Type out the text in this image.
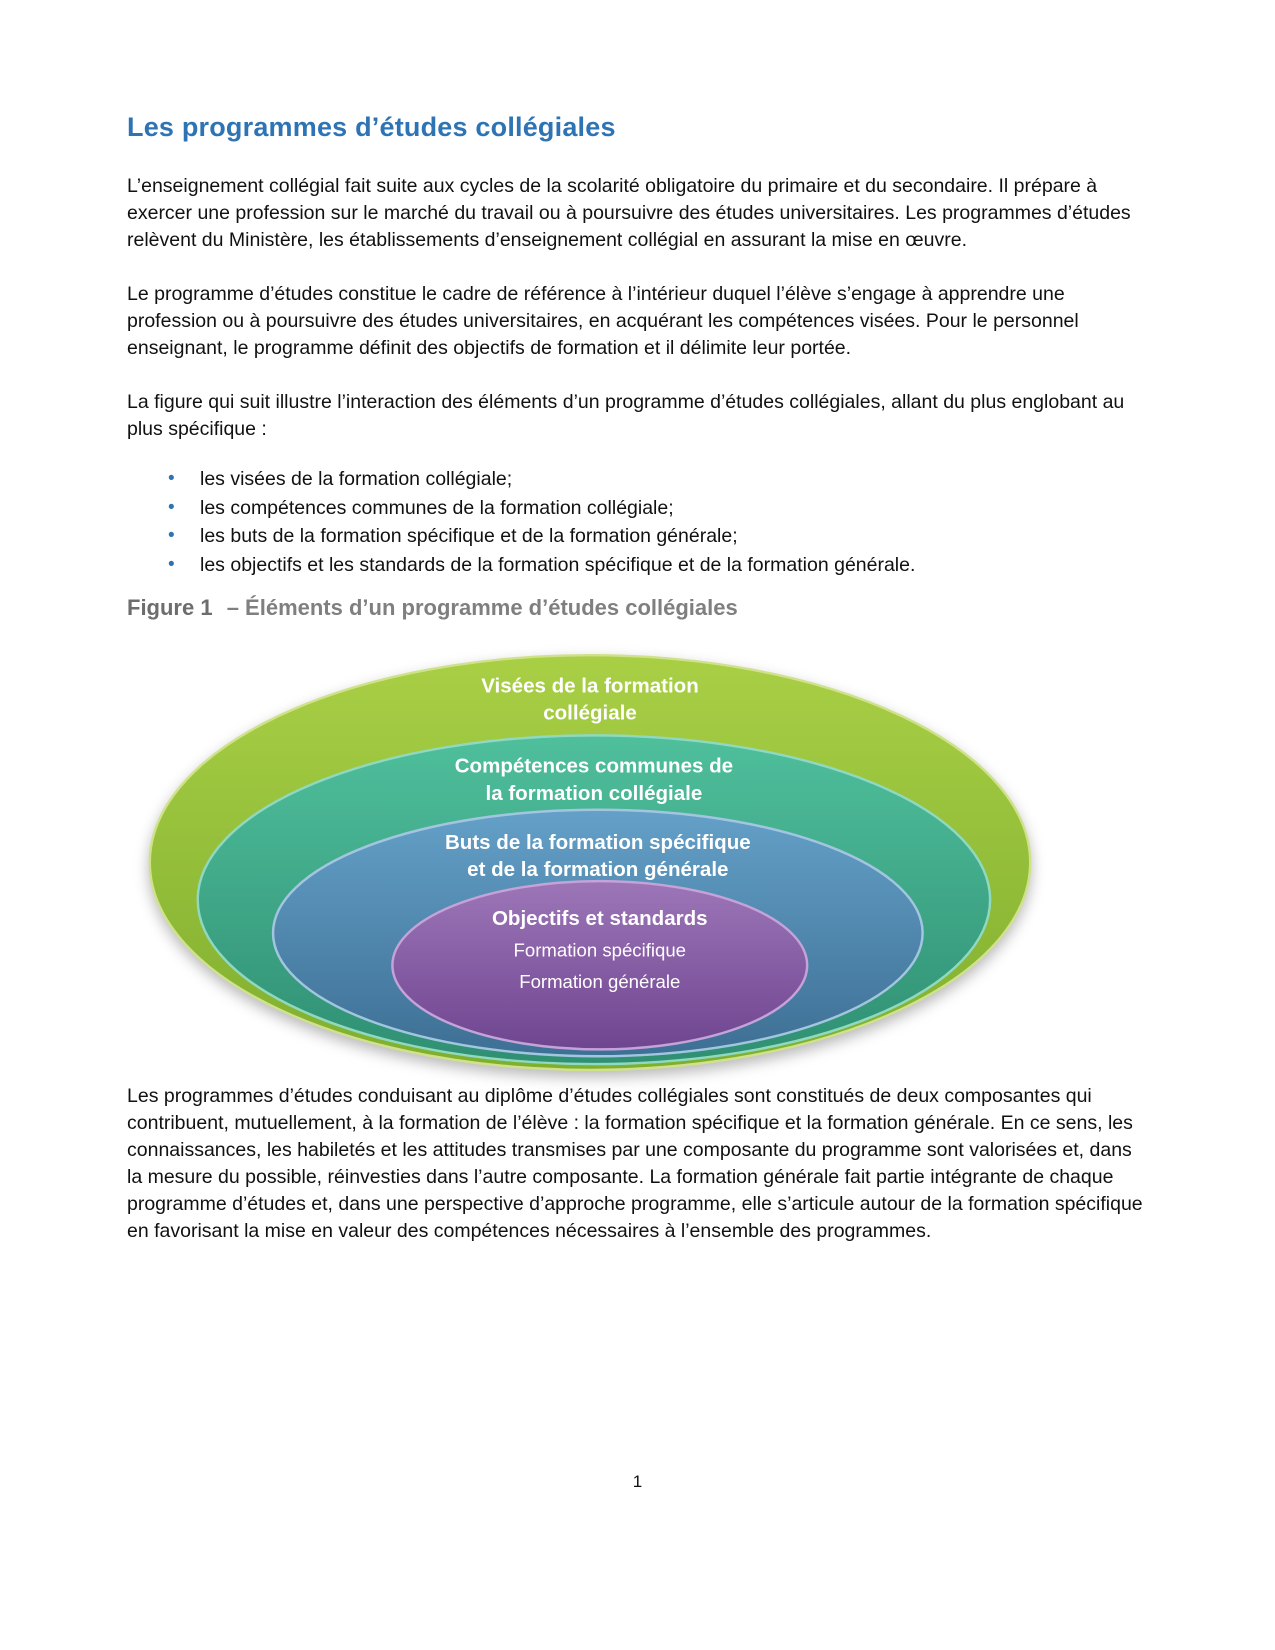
Les programmes d’études collégiales

L’enseignement collégial fait suite aux cycles de la scolarité obligatoire du primaire et du secondaire. Il prépare à exercer une profession sur le marché du travail ou à poursuivre des études universitaires. Les programmes d’études relèvent du Ministère, les établissements d’enseignement collégial en assurant la mise en œuvre.

Le programme d’études constitue le cadre de référence à l’intérieur duquel l’élève s’engage à apprendre une profession ou à poursuivre des études universitaires, en acquérant les compétences visées. Pour le personnel enseignant, le programme définit des objectifs de formation et il délimite leur portée.

La figure qui suit illustre l’interaction des éléments d’un programme d’études collégiales, allant du plus englobant au plus spécifique :

•	les visées de la formation collégiale;
•	les compétences communes de la formation collégiale;
•	les buts de la formation spécifique et de la formation générale;
•	les objectifs et les standards de la formation spécifique et de la formation générale.
Figure 1 – Éléments d’un programme d’études collégiales
Visées de la formation
collégiale
Compétences communes de
la formation collégiale
Buts de la formation spécifique
et de la formation générale
Objectifs et standards
Formation spécifique
Formation générale

Les programmes d’études conduisant au diplôme d’études collégiales sont constitués de deux composantes qui contribuent, mutuellement, à la formation de l’élève : la formation spécifique et la formation générale. En ce sens, les connaissances, les habiletés et les attitudes transmises par une composante du programme sont valorisées et, dans la mesure du possible, réinvesties dans l’autre composante. La formation générale fait partie intégrante de chaque programme d’études et, dans une perspective d’approche programme, elle s’articule autour de la formation spécifique en favorisant la mise en valeur des compétences nécessaires à l’ensemble des programmes.

1
